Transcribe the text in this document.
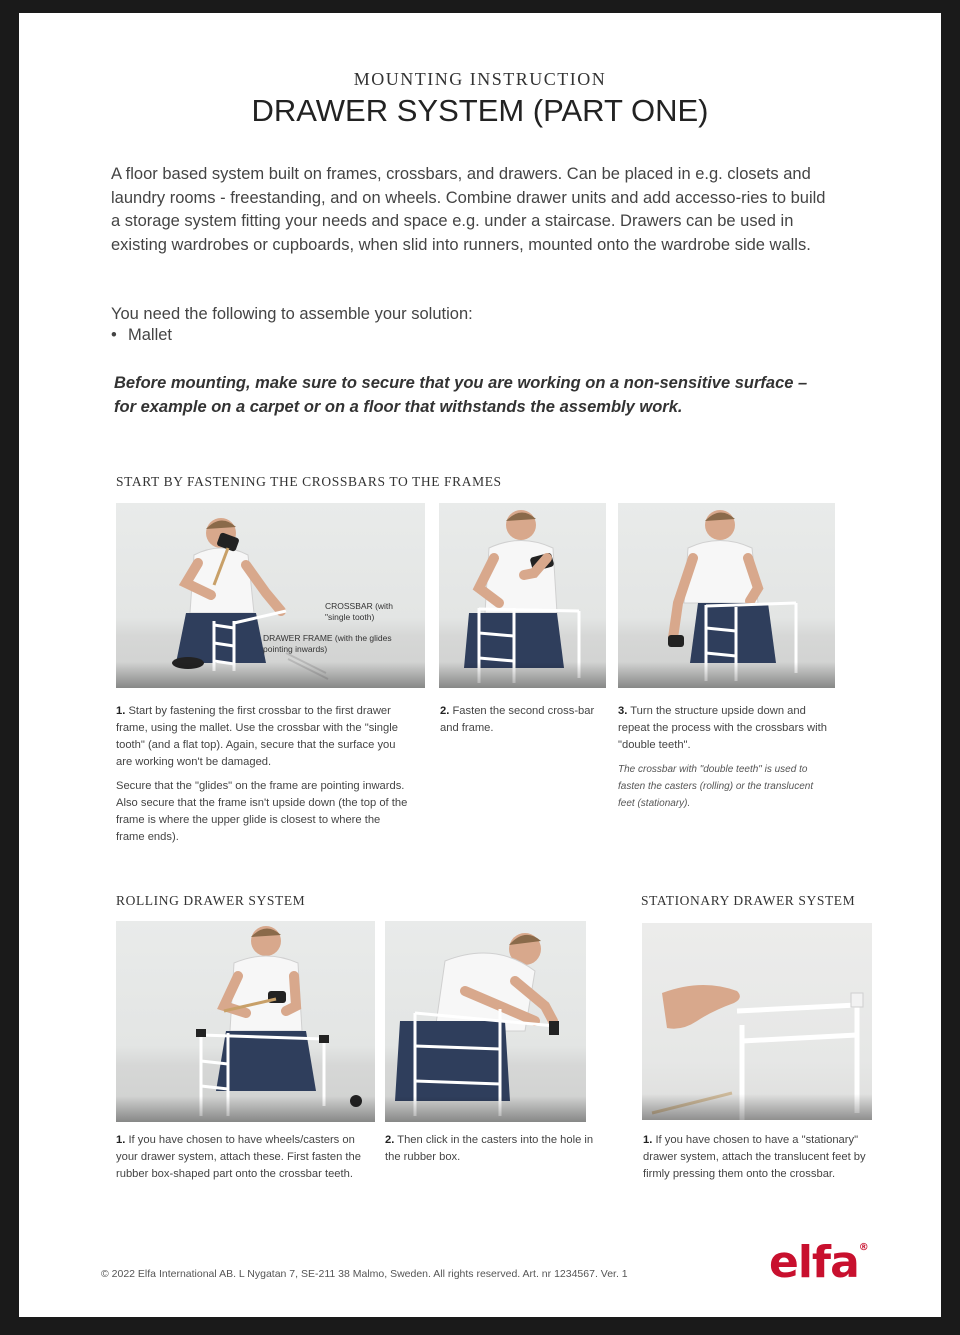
MOUNTING INSTRUCTION
DRAWER SYSTEM (PART ONE)
A floor based system built on frames, crossbars, and drawers. Can be placed in e.g. closets and laundry rooms - freestanding, and on wheels. Combine drawer units and add accesso-ries to build a storage system fitting your needs and space e.g. under a staircase. Drawers can be used in existing wardrobes or cupboards, when slid into runners, mounted onto the wardrobe side walls.
You need the following to assemble your solution:
• Mallet
Before mounting, make sure to secure that you are working on a non-sensitive surface – for example on a carpet or on a floor that withstands the assembly work.
START BY FASTENING THE CROSSBARS TO THE FRAMES
CROSSBAR (with "single tooth)
DRAWER FRAME (with the glides pointing inwards)
1. Start by fastening the first crossbar to the first drawer frame, using the mallet. Use the crossbar with the "single tooth" (and a flat top). Again, secure that the surface you are working won't be damaged.
Secure that the "glides" on the frame are pointing inwards. Also secure that the frame isn't upside down (the top of the frame is where the upper glide is closest to where the frame ends).
2. Fasten the second cross-bar and frame.
3. Turn the structure upside down and repeat the process with the crossbars with "double teeth".
The crossbar with "double teeth" is used to fasten the casters (rolling) or the translucent feet (stationary).
ROLLING DRAWER SYSTEM
1. If you have chosen to have wheels/casters on your drawer system, attach these. First fasten the rubber box-shaped part onto the crossbar teeth.
2. Then click in the casters into the hole in the rubber box.
STATIONARY DRAWER SYSTEM
1. If you have chosen to have a "stationary" drawer system, attach the translucent feet by firmly pressing them onto the crossbar.
© 2022 Elfa International AB. L Nygatan 7, SE-211 38 Malmo, Sweden. All rights reserved. Art. nr 1234567. Ver. 1	elfa®
